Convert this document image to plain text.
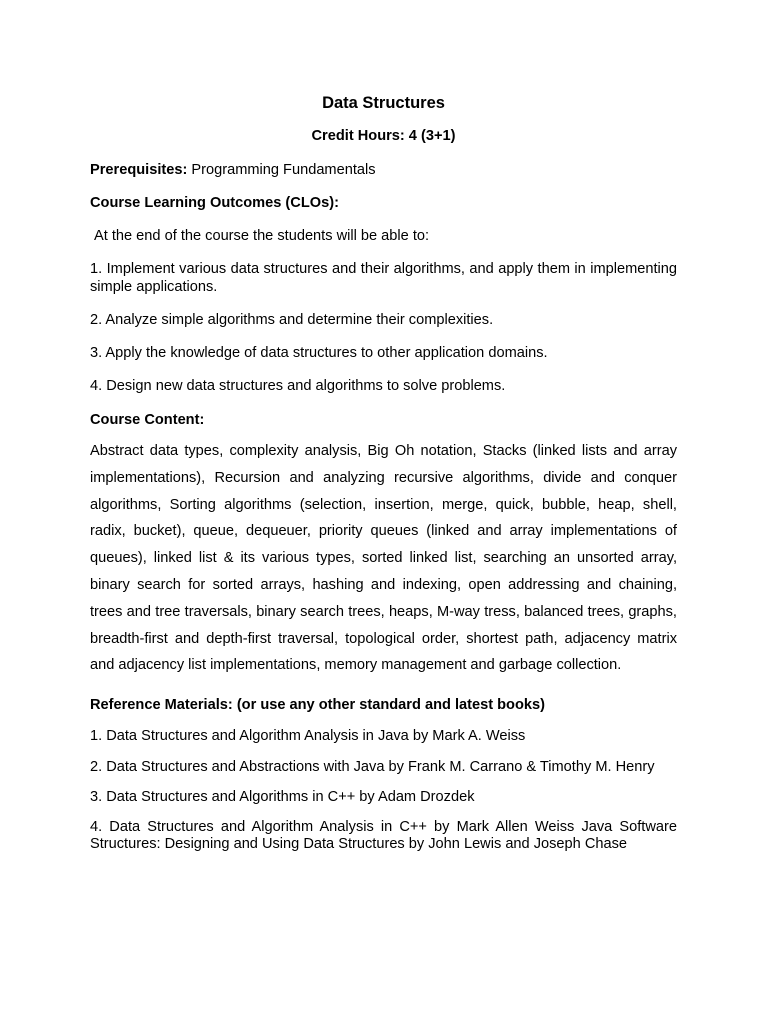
Data Structures

Credit Hours: 4 (3+1)

Prerequisites: Programming Fundamentals

Course Learning Outcomes (CLOs):

At the end of the course the students will be able to:

1. Implement various data structures and their algorithms, and apply them in implementing simple applications.

2. Analyze simple algorithms and determine their complexities.

3. Apply the knowledge of data structures to other application domains.

4. Design new data structures and algorithms to solve problems.

Course Content:

Abstract data types, complexity analysis, Big Oh notation, Stacks (linked lists and array implementations), Recursion and analyzing recursive algorithms, divide and conquer algorithms, Sorting algorithms (selection, insertion, merge, quick, bubble, heap, shell, radix, bucket), queue, dequeuer, priority queues (linked and array implementations of queues), linked list & its various types, sorted linked list, searching an unsorted array, binary search for sorted arrays, hashing and indexing, open addressing and chaining, trees and tree traversals, binary search trees, heaps, M-way tress, balanced trees, graphs, breadth-first and depth-first traversal, topological order, shortest path, adjacency matrix and adjacency list implementations, memory management and garbage collection.

Reference Materials: (or use any other standard and latest books)

1. Data Structures and Algorithm Analysis in Java by Mark A. Weiss

2. Data Structures and Abstractions with Java by Frank M. Carrano & Timothy M. Henry

3. Data Structures and Algorithms in C++ by Adam Drozdek

4. Data Structures and Algorithm Analysis in C++ by Mark Allen Weiss Java Software Structures: Designing and Using Data Structures by John Lewis and Joseph Chase
